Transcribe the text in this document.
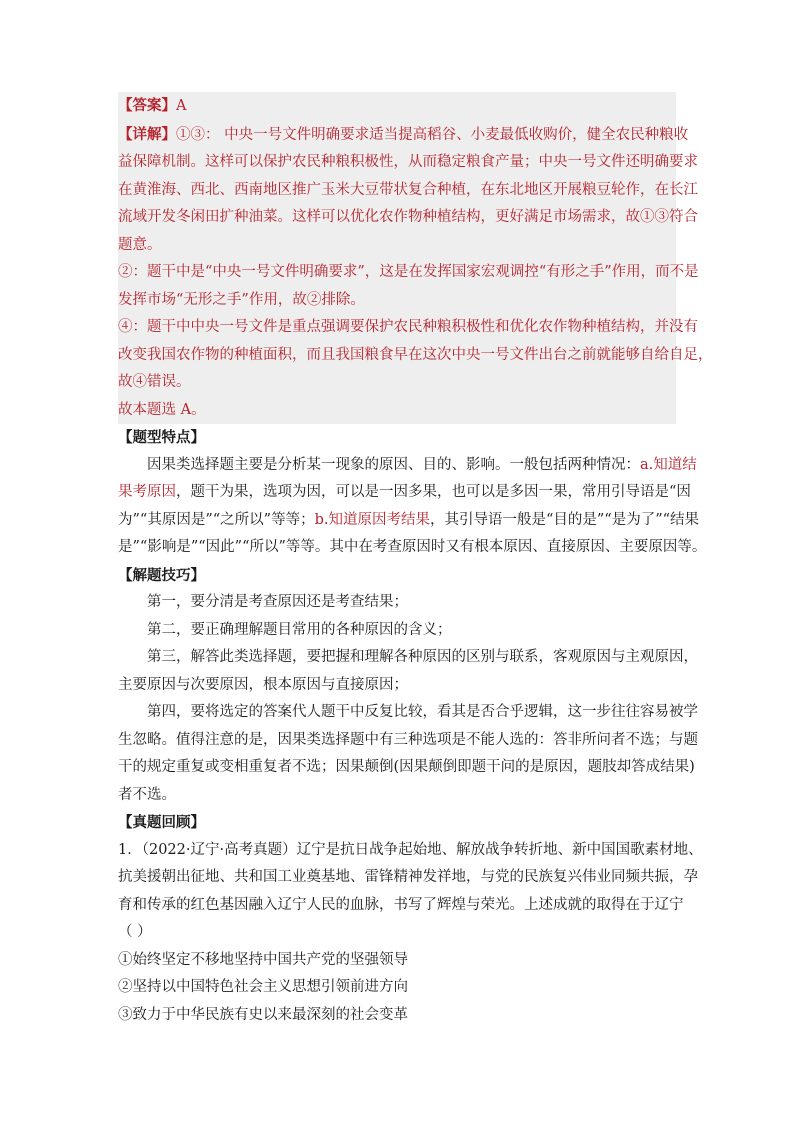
【答案】A
【详解】①③： 中央一号文件明确要求适当提高稻谷、小麦最低收购价，健全农民种粮收
益保障机制。这样可以保护农民种粮积极性，从而稳定粮食产量；中央一号文件还明确要求
在黄淮海、西北、西南地区推广玉米大豆带状复合种植，在东北地区开展粮豆轮作，在长江
流域开发冬闲田扩种油菜。这样可以优化农作物种植结构，更好满足市场需求，故①③符合
题意。
②：题干中是“中央一号文件明确要求”，这是在发挥国家宏观调控“有形之手”作用，而不是
发挥市场“无形之手”作用，故②排除。
④：题干中中央一号文件是重点强调要保护农民种粮积极性和优化农作物种植结构，并没有
改变我国农作物的种植面积，而且我国粮食早在这次中央一号文件出台之前就能够自给自足，
故④错误。
故本题选 A。
【题型特点】
因果类选择题主要是分析某一现象的原因、目的、影响。一般包括两种情况：a.知道结
果考原因，题干为果，选项为因，可以是一因多果，也可以是多因一果，常用引导语是“因
为”“其原因是”“之所以”等等；b.知道原因考结果，其引导语一般是“目的是”“是为了”“结果
是”“影响是”“因此”“所以”等等。其中在考查原因时又有根本原因、直接原因、主要原因等。
【解题技巧】
第一，要分清是考查原因还是考查结果；
第二，要正确理解题目常用的各种原因的含义；
第三，解答此类选择题，要把握和理解各种原因的区别与联系，客观原因与主观原因，
主要原因与次要原因，根本原因与直接原因；
第四，要将选定的答案代人题干中反复比较，看其是否合乎逻辑，这一步往往容易被学
生忽略。值得注意的是，因果类选择题中有三种选项是不能人选的：答非所问者不选；与题
干的规定重复或变相重复者不选；因果颠倒(因果颠倒即题干问的是原因，题肢却答成结果)
者不选。
【真题回顾】
1．（2022·辽宁·高考真题）辽宁是抗日战争起始地、解放战争转折地、新中国国歌素材地、
抗美援朝出征地、共和国工业奠基地、雷锋精神发祥地，与党的民族复兴伟业同频共振，孕
育和传承的红色基因融入辽宁人民的血脉，书写了辉煌与荣光。上述成就的取得在于辽宁
（ ）
①始终坚定不移地坚持中国共产党的坚强领导
②坚持以中国特色社会主义思想引领前进方向
③致力于中华民族有史以来最深刻的社会变革
